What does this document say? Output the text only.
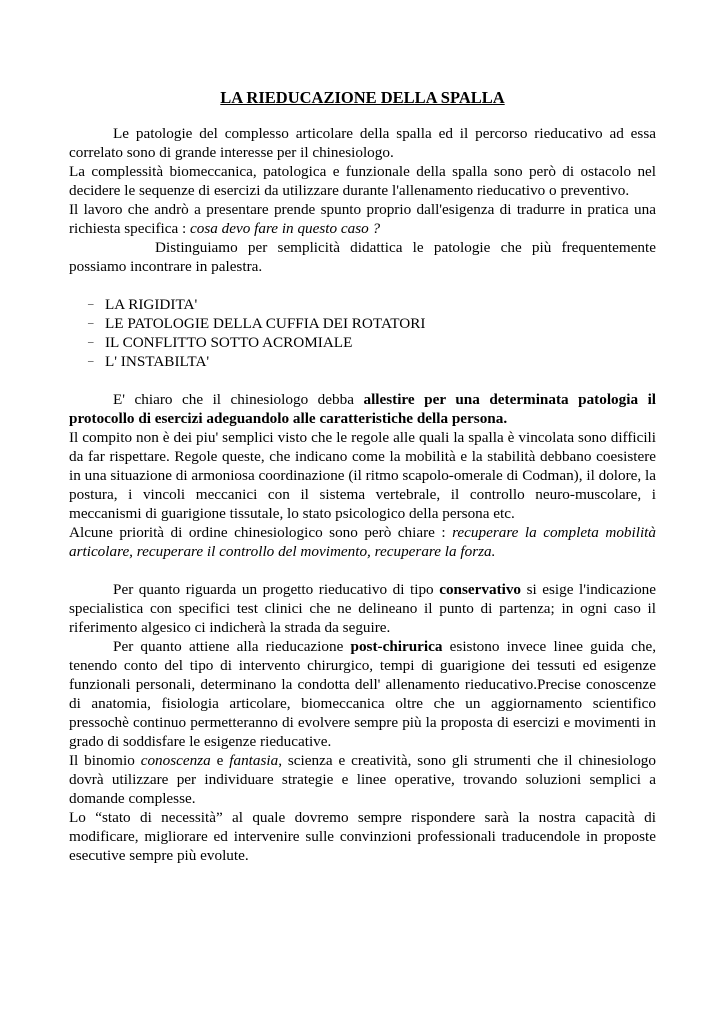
LA RIEDUCAZIONE DELLA SPALLA

Le patologie del complesso articolare della spalla ed il percorso rieducativo ad essa correlato sono di grande interesse per il chinesiologo.

La complessità biomeccanica, patologica e funzionale della spalla sono però di ostacolo nel decidere le sequenze di esercizi da utilizzare durante l'allenamento rieducativo o preventivo.

Il lavoro che andrò a presentare prende spunto proprio dall'esigenza di tradurre in pratica una richiesta specifica : cosa devo fare in questo caso ?

Distinguiamo per semplicità didattica le patologie che più frequentemente possiamo incontrare in palestra.

– LA RIGIDITA'
– LE PATOLOGIE DELLA CUFFIA DEI ROTATORI
– IL CONFLITTO SOTTO ACROMIALE
– L' INSTABILTA'

E' chiaro che il chinesiologo debba allestire per una determinata patologia il protocollo di esercizi adeguandolo alle caratteristiche della persona.

Il compito non è dei piu' semplici visto che le regole alle quali la spalla è vincolata sono difficili da far rispettare. Regole queste, che indicano come la mobilità e la stabilità debbano coesistere in una situazione di armoniosa coordinazione (il ritmo scapolo-omerale di Codman), il dolore, la postura, i vincoli meccanici con il sistema vertebrale, il controllo neuro-muscolare, i meccanismi di guarigione tissutale, lo stato psicologico della persona etc.

Alcune priorità di ordine chinesiologico sono però chiare : recuperare la completa mobilità articolare, recuperare il controllo del movimento, recuperare la forza.

Per quanto riguarda un progetto rieducativo di tipo conservativo si esige l'indicazione specialistica con specifici test clinici che ne delineano il punto di partenza; in ogni caso il riferimento algesico ci indicherà la strada da seguire.

Per quanto attiene alla rieducazione post-chirurica esistono invece linee guida che, tenendo conto del tipo di intervento chirurgico, tempi di guarigione dei tessuti ed esigenze funzionali personali, determinano la condotta dell' allenamento rieducativo.Precise conoscenze di anatomia, fisiologia articolare, biomeccanica oltre che un aggiornamento scientifico pressochè continuo permetteranno di evolvere sempre più la proposta di esercizi e movimenti in grado di soddisfare le esigenze rieducative.

Il binomio conoscenza e fantasia, scienza e creatività, sono gli strumenti che il chinesiologo dovrà utilizzare per individuare strategie e linee operative, trovando soluzioni semplici a domande complesse.

Lo “stato di necessità” al quale dovremo sempre rispondere sarà la nostra capacità di modificare, migliorare ed intervenire sulle convinzioni professionali traducendole in proposte esecutive sempre più evolute.
